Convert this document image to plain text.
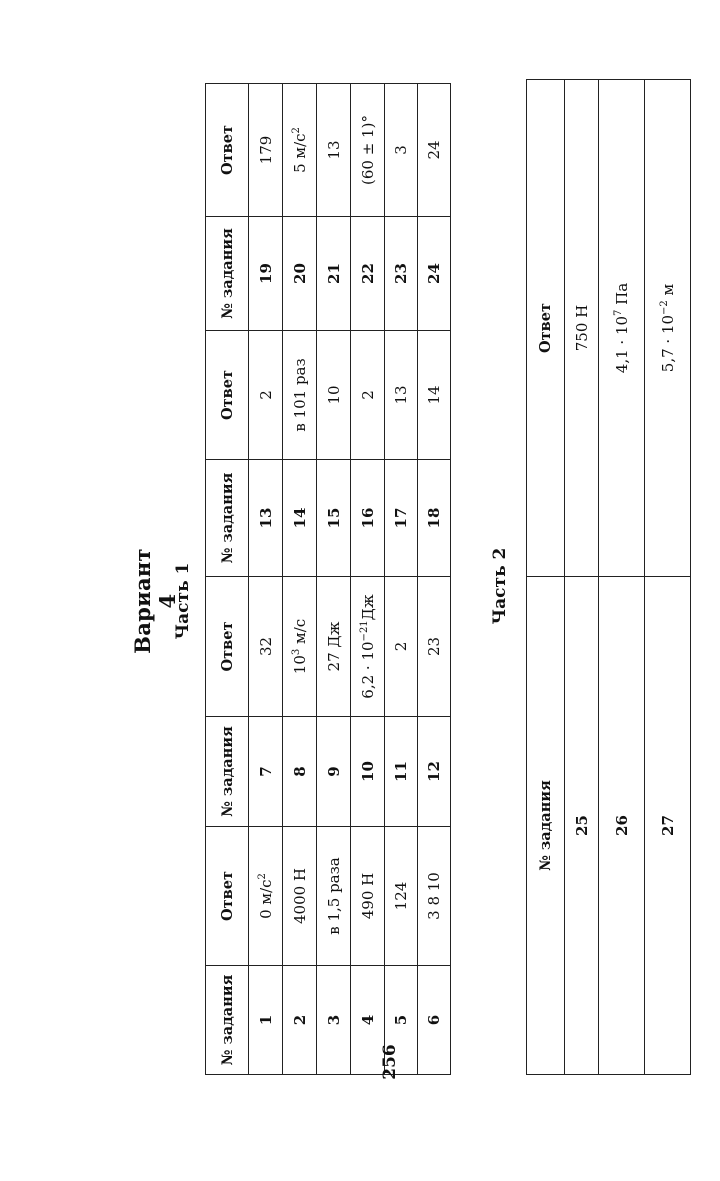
Вариант 4
Часть 1
№ задания	Ответ	№ задания	Ответ	№ задания	Ответ	№ задания	Ответ
1	0 $м/с^2$	7	32	13	2	19	179
2	4000 Н	8	$10^3$ м/с	14	в 101 раз	20	5 $м/с^2$
3	в 1,5 раза	9	27 Дж	15	10	21	13
4	490 Н	10	$6,2 \cdot 10^{-21}Дж$	16	2	22	(60 ± 1)°
5	124	11	2	17	13	23	3
6	3 8 10	12	23	18	14	24	24
256
Часть 2
№ задания	Ответ
25	750 Н
26	$4,1 \cdot 10^7$ Па
27	$5,7 \cdot 10^{-2}$ м
